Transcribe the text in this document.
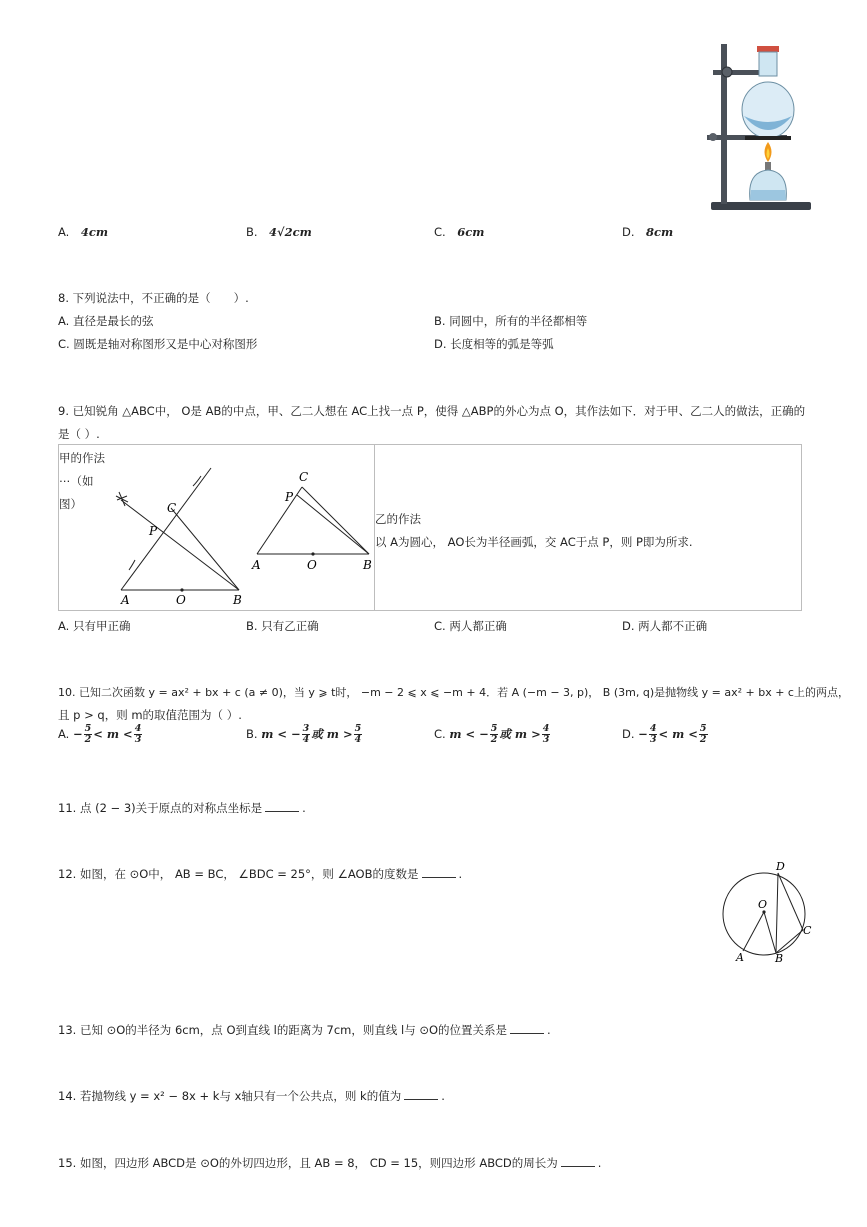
A.　 4cm	B.　 4√2cm	C.　 6cm	D.　 8cm
8. 下列说法中，不正确的是（　　）.
A. 直径是最长的弦	B. 同圆中，所有的半径都相等
C. 圆既是轴对称图形又是中心对称图形	D. 长度相等的弧是等弧
9. 已知锐角 △ABC中， O是 AB的中点，甲、乙二人想在 AC上找一点 P，使得 △ABP的外心为点 O，其作法如下．对于甲、乙二人的做法，正确的
是（ ）.
甲的作法
⋯（如
图）
A	O	B
C
P
A	O	B
C
P
乙的作法
以 A为圆心， AO长为半径画弧，交 AC于点 P，则 P即为所求.
A. 只有甲正确	B. 只有乙正确	C. 两人都正确	D. 两人都不正确
10. 已知二次函数 y = ax² + bx + c (a ≠ 0)，当 y ⩾ t时， −m − 2 ⩽ x ⩽ −m + 4．若 A (−m − 3, p)， B (3m, q)是抛物线 y = ax² + bx + c上的两点，
且 p > q，则 m的取值范围为（ ）.
A. − $\frac{5}{2} < m < \frac{4}{3}$	B. m < − $\frac{3}{4}$ 或 $m > \frac{5}{4}$	C. m < − $\frac{5}{2}$ 或 $m > \frac{4}{3}$	D. − $\frac{4}{3} < m < \frac{5}{2}$
11. 点 (2 − 3)关于原点的对称点坐标是	.
12. 如图，在 ⊙O中， AB = BC， ∠BDC = 25°，则 ∠AOB的度数是	.
O
D
C
A	B
13. 已知 ⊙O的半径为 6cm，点 O到直线 l的距离为 7cm，则直线 l与 ⊙O的位置关系是	.
14. 若抛物线 y = x² − 8x + k与 x轴只有一个公共点，则 k的值为	.
15. 如图，四边形 ABCD是 ⊙O的外切四边形，且 AB = 8， CD = 15，则四边形 ABCD的周长为	.
